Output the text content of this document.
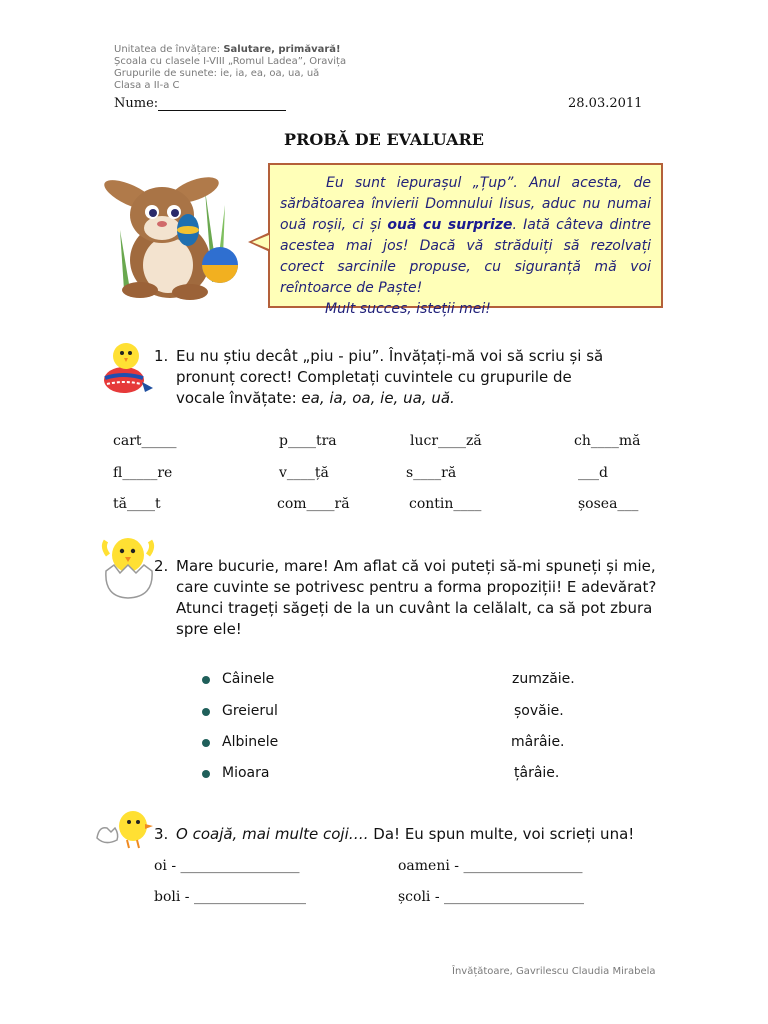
Unitatea de învățare: Salutare, primăvară!
Școala cu clasele I-VIII „Romul Ladea”, Oravița
Grupurile de sunete: ie, ia, ea, oa, ua, uă
Clasa a II-a C
Nume:	28.03.2011
PROBĂ DE EVALUARE
Eu sunt iepurașul „Țup”. Anul acesta, de sărbătoarea învierii Domnului Iisus, aduc nu numai ouă roșii, ci și ouă cu surprize. Iată câteva dintre acestea mai jos! Dacă vă străduiți să rezolvați corect sarcinile propuse, cu siguranță mă voi reîntoarce de Paște!
Mult succes, isteții mei!
1. Eu nu știu decât „piu - piu”. Învățați-mă voi să scriu și să pronunț corect! Completați cuvintele cu grupurile de vocale învățate: ea, ia, oa, ie, ua, uă.
cart_____	p____tra	lucr____ză	ch____mă
fl_____re	v____ță	s____ră	___d
tă____t	com____ră	contin____	șosea___
2. Mare bucurie, mare! Am aflat că voi puteți să-mi spuneți și mie, care cuvinte se potrivesc pentru a forma propoziții! E adevărat? Atunci trageți săgeți de la un cuvânt la celălalt, ca să pot zbura spre ele!
Câinele	zumzăie.
Greierul	șovăie.
Albinele	mârâie.
Mioara	țârâie.
3. O coajă, mai multe coji…. Da! Eu spun multe, voi scrieți una!
oi - _________________	oameni - _________________
boli - ________________	școli - ____________________
Învățătoare, Gavrilescu Claudia Mirabela
